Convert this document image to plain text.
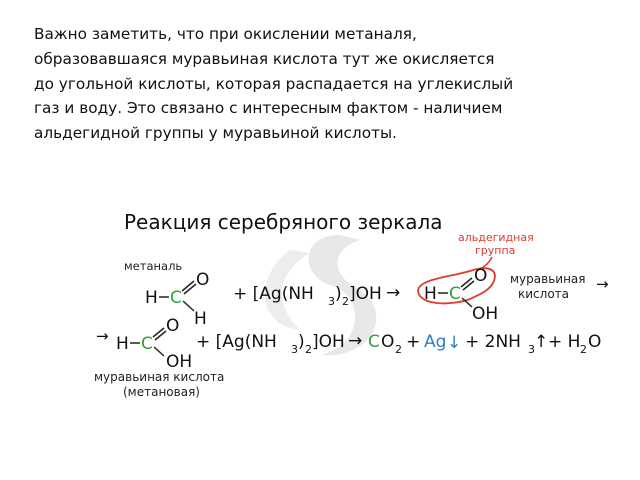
Важно заметить, что при окислении метаналя,
образовавшаяся муравьиная кислота тут же окисляется
до угольной кислоты, которая распадается на углекислый
газ и воду. Это связано с интересным фактом - наличием
альдегидной группы у муравьиной кислоты.

Реакция серебряного зеркала
метаналь
H C
O
H
+ [Ag(NH 3 ) 2 ]OH →
альдегидная
группа
H C
O
OH
муравьиная
кислота
→
→ H C
O
OH
+ [Ag(NH 3 ) 2 ]OH → C O 2 + Ag ↓ + 2NH 3 ↑ + H 2 O
муравьиная кислота
(метановая)
